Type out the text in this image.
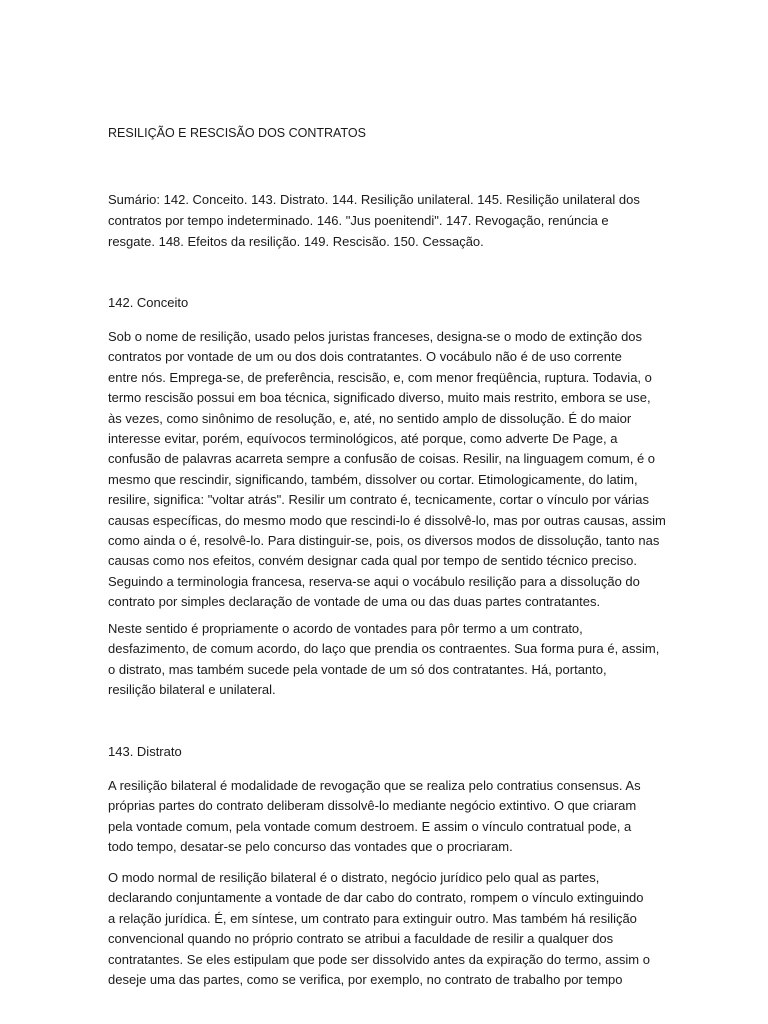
RESILIÇÃO E RESCISÃO DOS CONTRATOS

Sumário: 142. Conceito. 143. Distrato. 144. Resilição unilateral. 145. Resilição unilateral dos
contratos por tempo indeterminado. 146. "Jus poenitendi". 147. Revogação, renúncia e
resgate. 148. Efeitos da resilição. 149. Rescisão. 150. Cessação.

142. Conceito

Sob o nome de resilição, usado pelos juristas franceses, designa-se o modo de extinção dos
contratos por vontade de um ou dos dois contratantes. O vocábulo não é de uso corrente
entre nós. Emprega-se, de preferência, rescisão, e, com menor freqüência, ruptura. Todavia, o
termo rescisão possui em boa técnica, significado diverso, muito mais restrito, embora se use,
às vezes, como sinônimo de resolução, e, até, no sentido amplo de dissolução. É do maior
interesse evitar, porém, equívocos terminológicos, até porque, como adverte De Page, a
confusão de palavras acarreta sempre a confusão de coisas. Resilir, na linguagem comum, é o
mesmo que rescindir, significando, também, dissolver ou cortar. Etimologicamente, do latim,
resilire, significa: "voltar atrás". Resilir um contrato é, tecnicamente, cortar o vínculo por várias
causas específicas, do mesmo modo que rescindi-lo é dissolvê-lo, mas por outras causas, assim
como ainda o é, resolvê-lo. Para distinguir-se, pois, os diversos modos de dissolução, tanto nas
causas como nos efeitos, convém designar cada qual por tempo de sentido técnico preciso.
Seguindo a terminologia francesa, reserva-se aqui o vocábulo resilição para a dissolução do
contrato por simples declaração de vontade de uma ou das duas partes contratantes.

Neste sentido é propriamente o acordo de vontades para pôr termo a um contrato,
desfazimento, de comum acordo, do laço que prendia os contraentes. Sua forma pura é, assim,
o distrato, mas também sucede pela vontade de um só dos contratantes. Há, portanto,
resilição bilateral e unilateral.

143. Distrato

A resilição bilateral é modalidade de revogação que se realiza pelo contratius consensus. As
próprias partes do contrato deliberam dissolvê-lo mediante negócio extintivo. O que criaram
pela vontade comum, pela vontade comum destroem. E assim o vínculo contratual pode, a
todo tempo, desatar-se pelo concurso das vontades que o procriaram.

O modo normal de resilição bilateral é o distrato, negócio jurídico pelo qual as partes,
declarando conjuntamente a vontade de dar cabo do contrato, rompem o vínculo extinguindo
a relação jurídica. É, em síntese, um contrato para extinguir outro. Mas também há resilição
convencional quando no próprio contrato se atribui a faculdade de resilir a qualquer dos
contratantes. Se eles estipulam que pode ser dissolvido antes da expiração do termo, assim o
deseje uma das partes, como se verifica, por exemplo, no contrato de trabalho por tempo
